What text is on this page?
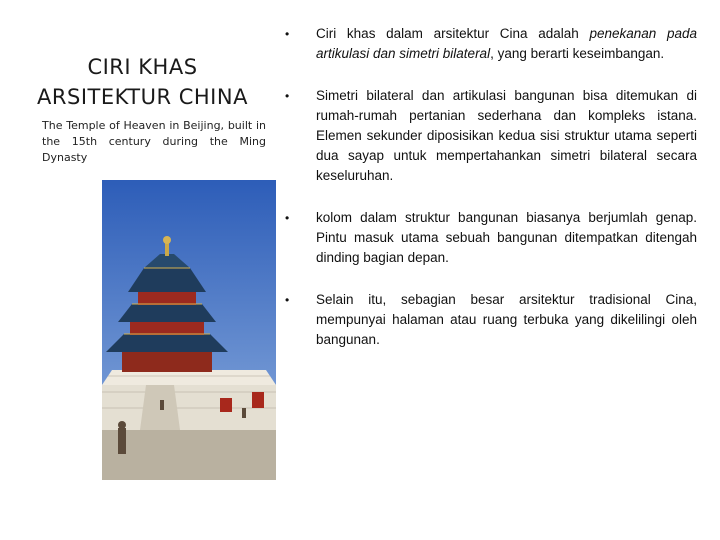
CIRI KHAS
ARSITEKTUR CHINA
The Temple of Heaven in Beijing, built in the 15th century during the Ming Dynasty
• Ciri khas dalam arsitektur Cina adalah penekanan pada artikulasi dan simetri bilateral, yang berarti keseimbangan.
• Simetri bilateral dan artikulasi bangunan bisa ditemukan di rumah-rumah pertanian sederhana dan kompleks istana. Elemen sekunder diposisikan kedua sisi struktur utama seperti dua sayap untuk mempertahankan simetri bilateral secara keseluruhan.
• kolom dalam struktur bangunan biasanya berjumlah genap. Pintu masuk utama sebuah bangunan ditempatkan ditengah dinding bagian depan.
• Selain itu, sebagian besar arsitektur tradisional Cina, mempunyai halaman atau ruang terbuka yang dikelilingi oleh bangunan.
